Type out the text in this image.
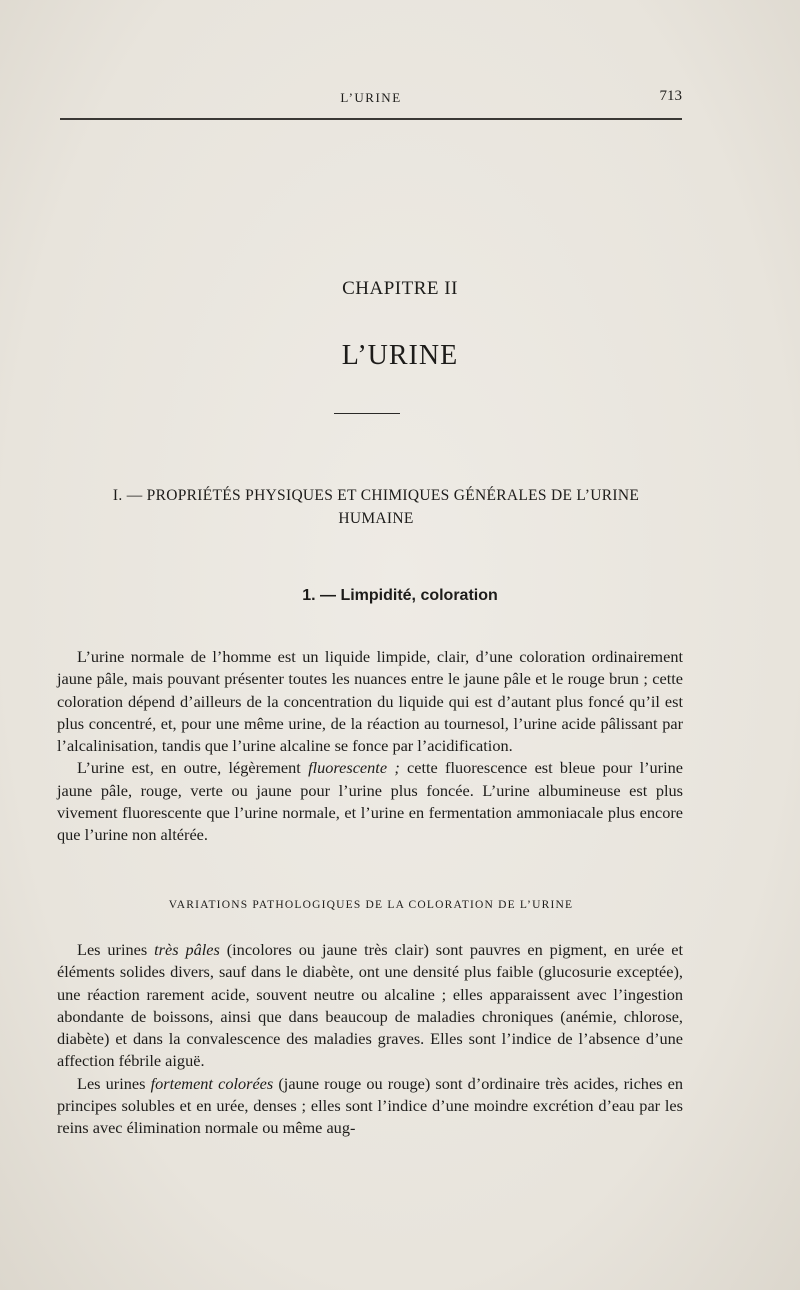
L’URINE	713
CHAPITRE II
L’URINE
I. — PROPRIÉTÉS PHYSIQUES ET CHIMIQUES GÉNÉRALES DE L’URINE HUMAINE
1. — Limpidité, coloration

L’urine normale de l’homme est un liquide limpide, clair, d’une coloration ordinairement jaune pâle, mais pouvant présenter toutes les nuances entre le jaune pâle et le rouge brun ; cette coloration dépend d’ailleurs de la concentration du liquide qui est d’autant plus foncé qu’il est plus concentré, et, pour une même urine, de la réaction au tournesol, l’urine acide pâlissant par l’alcalinisation, tandis que l’urine alcaline se fonce par l’acidification.

L’urine est, en outre, légèrement fluorescente ; cette fluorescence est bleue pour l’urine jaune pâle, rouge, verte ou jaune pour l’urine plus foncée. L’urine albumineuse est plus vivement fluorescente que l’urine normale, et l’urine en fermentation ammoniacale plus encore que l’urine non altérée.

VARIATIONS PATHOLOGIQUES DE LA COLORATION DE L’URINE

Les urines très pâles (incolores ou jaune très clair) sont pauvres en pigment, en urée et éléments solides divers, sauf dans le diabète, ont une densité plus faible (glucosurie exceptée), une réaction rarement acide, souvent neutre ou alcaline ; elles apparaissent avec l’ingestion abondante de boissons, ainsi que dans beaucoup de maladies chroniques (anémie, chlorose, diabète) et dans la convalescence des maladies graves. Elles sont l’indice de l’absence d’une affection fébrile aiguë.

Les urines fortement colorées (jaune rouge ou rouge) sont d’ordinaire très acides, riches en principes solubles et en urée, denses ; elles sont l’indice d’une moindre excrétion d’eau par les reins avec élimination normale ou même aug-
